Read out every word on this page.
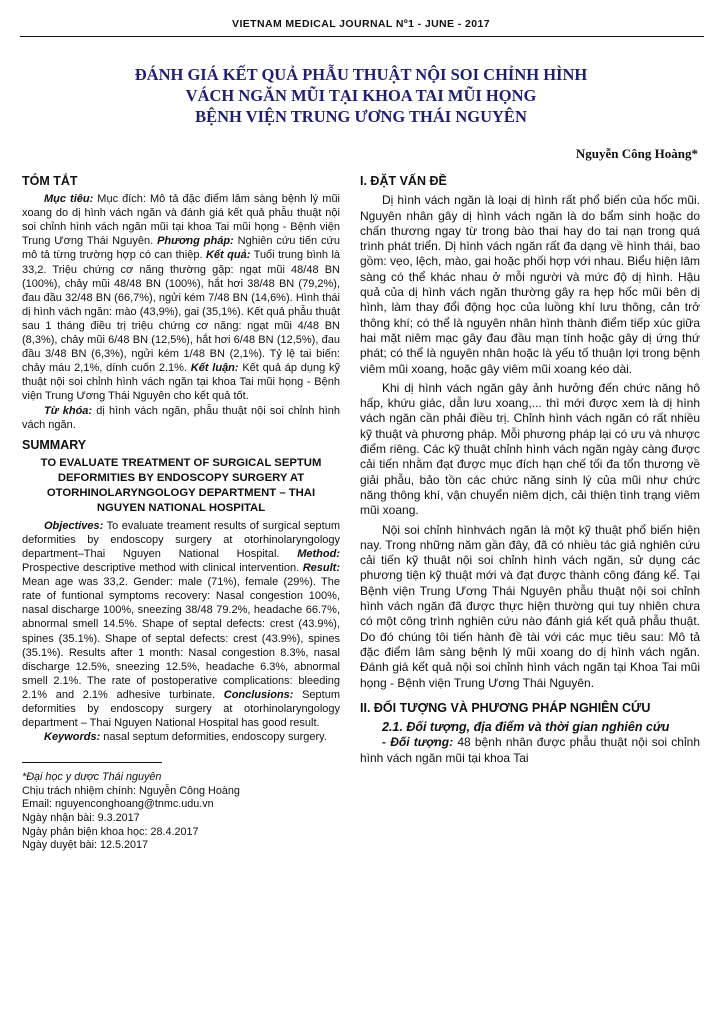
VIETNAM MEDICAL JOURNAL Nº1 - JUNE - 2017
ĐÁNH GIÁ KẾT QUẢ PHẪU THUẬT NỘI SOI CHỈNH HÌNH
VÁCH NGĂN MŨI TẠI KHOA TAI MŨI HỌNG
BỆNH VIỆN TRUNG ƯƠNG THÁI NGUYÊN
Nguyễn Công Hoàng*
TÓM TẮT

Mục tiêu: Mục đích: Mô tả đặc điểm lâm sàng bệnh lý mũi xoang do dị hình vách ngăn và đánh giá kết quả phẫu thuật nội soi chỉnh hình vách ngăn mũi tại khoa Tai mũi họng - Bệnh viện Trung Ương Thái Nguyên. Phương pháp: Nghiên cứu tiến cứu mô tả từng trường hợp có can thiệp. Kết quả: Tuổi trung bình là 33,2. Triệu chứng cơ năng thường gặp: ngạt mũi 48/48 BN (100%), chảy mũi 48/48 BN (100%), hắt hơi 38/48 BN (79,2%), đau đầu 32/48 BN (66,7%), ngửi kém 7/48 BN (14,6%). Hình thái dị hình vách ngăn: mào (43,9%), gai (35,1%). Kết quả phẫu thuật sau 1 tháng điều trị triệu chứng cơ năng: ngạt mũi 4/48 BN (8,3%), chảy mũi 6/48 BN (12,5%), hắt hơi 6/48 BN (12,5%), đau đầu 3/48 BN (6,3%), ngửi kém 1/48 BN (2,1%). Tỷ lệ tai biến: chảy máu 2,1%, dính cuốn 2.1%. Kết luận: Kết quả áp dụng kỹ thuật nội soi chỉnh hình vách ngăn tại khoa Tai mũi họng - Bệnh viện Trung Ương Thái Nguyên cho kết quả tốt.

Từ khóa: dị hình vách ngăn, phẫu thuật nội soi chỉnh hình vách ngăn.

SUMMARY
TO EVALUATE TREATMENT OF SURGICAL SEPTUM DEFORMITIES BY ENDOSCOPY SURGERY AT OTORHINOLARYNGOLOGY DEPARTMENT – THAI NGUYEN NATIONAL HOSPITAL

Objectives: To evaluate treament results of surgical septum deformities by endoscopy surgery at otorhinolaryngology department–Thai Nguyen National Hospital. Method: Prospective descriptive method with clinical intervention. Result: Mean age was 33,2. Gender: male (71%), female (29%). The rate of funtional symptoms recovery: Nasal congestion 100%, nasal discharge 100%, sneezing 38/48 79.2%, headache 66.7%, abnormal smell 14.5%. Shape of septal defects: crest (43.9%), spines (35.1%). Shape of septal defects: crest (43.9%), spines (35.1%). Results after 1 month: Nasal congestion 8.3%, nasal discharge 12.5%, sneezing 12.5%, headache 6.3%, abnormal smell 2.1%. The rate of postoperative complications: bleeding 2.1% and 2.1% adhesive turbinate. Conclusions: Septum deformities by endoscopy surgery at otorhinolaryngology department – Thai Nguyen National Hospital has good result.

Keywords: nasal septum deformities, endoscopy surgery.

*Đại học y dược Thái nguyên
Chịu trách nhiệm chính: Nguyễn Công Hoàng
Email: nguyenconghoang@tnmc.udu.vn
Ngày nhận bài: 9.3.2017
Ngày phản biện khoa học: 28.4.2017
Ngày duyệt bài: 12.5.2017
I. ĐẶT VẤN ĐỀ

Dị hình vách ngăn là loại dị hình rất phổ biến của hốc mũi. Nguyên nhân gây dị hình vách ngăn là do bẩm sinh hoặc do chấn thương ngay từ trong bào thai hay do tai nạn trong quá trình phát triển. Dị hình vách ngăn rất đa dạng về hình thái, bao gồm: vẹo, lệch, mào, gai hoặc phối hợp với nhau. Biểu hiện lâm sàng có thể khác nhau ở mỗi người và mức độ dị hình. Hậu quả của dị hình vách ngăn thường gây ra hẹp hốc mũi bên dị hình, làm thay đổi động học của luồng khí lưu thông, cản trở thông khí; có thể là nguyên nhân hình thành điểm tiếp xúc giữa hai mặt niêm mạc gây đau đầu mạn tính hoặc gây dị ứng thứ phát; có thể là nguyên nhân hoặc là yếu tố thuận lợi trong bệnh viêm mũi xoang, hoặc gây viêm mũi xoang kéo dài.

Khi dị hình vách ngăn gây ảnh hưởng đến chức năng hô hấp, khứu giác, dẫn lưu xoang,... thì mới được xem là dị hình vách ngăn cần phải điều trị. Chỉnh hình vách ngăn có rất nhiều kỹ thuật và phương pháp. Mỗi phương pháp lại có ưu và nhược điểm riêng. Các kỹ thuật chỉnh hình vách ngăn ngày càng được cải tiến nhằm đạt được mục đích hạn chế tối đa tổn thương về giải phẫu, bảo tồn các chức năng sinh lý của mũi như chức năng thông khí, vận chuyển niêm dịch, cải thiện tình trạng viêm mũi xoang.

Nội soi chỉnh hìnhvách ngăn là một kỹ thuật phổ biến hiện nay. Trong những năm gần đây, đã có nhiều tác giả nghiên cứu cải tiến kỹ thuật nội soi chỉnh hình vách ngăn, sử dụng các phương tiện kỹ thuật mới và đạt được thành công đáng kể. Tại Bệnh viện Trung Ương Thái Nguyên phẫu thuật nội soi chỉnh hình vách ngăn đã được thực hiện thường qui tuy nhiên chưa có một công trình nghiên cứu nào đánh giá kết quả phẫu thuật. Do đó chúng tôi tiến hành đề tài với các mục tiêu sau: Mô tả đặc điểm lâm sàng bệnh lý mũi xoang do dị hình vách ngăn. Đánh giá kết quả nội soi chỉnh hình vách ngăn tại Khoa Tai mũi họng - Bệnh viện Trung Ương Thái Nguyên.

II. ĐỐI TƯỢNG VÀ PHƯƠNG PHÁP NGHIÊN CỨU

2.1. Đối tượng, địa điểm và thời gian nghiên cứu

- Đối tượng: 48 bệnh nhân được phẫu thuật nội soi chỉnh hình vách ngăn mũi tại khoa Tai
